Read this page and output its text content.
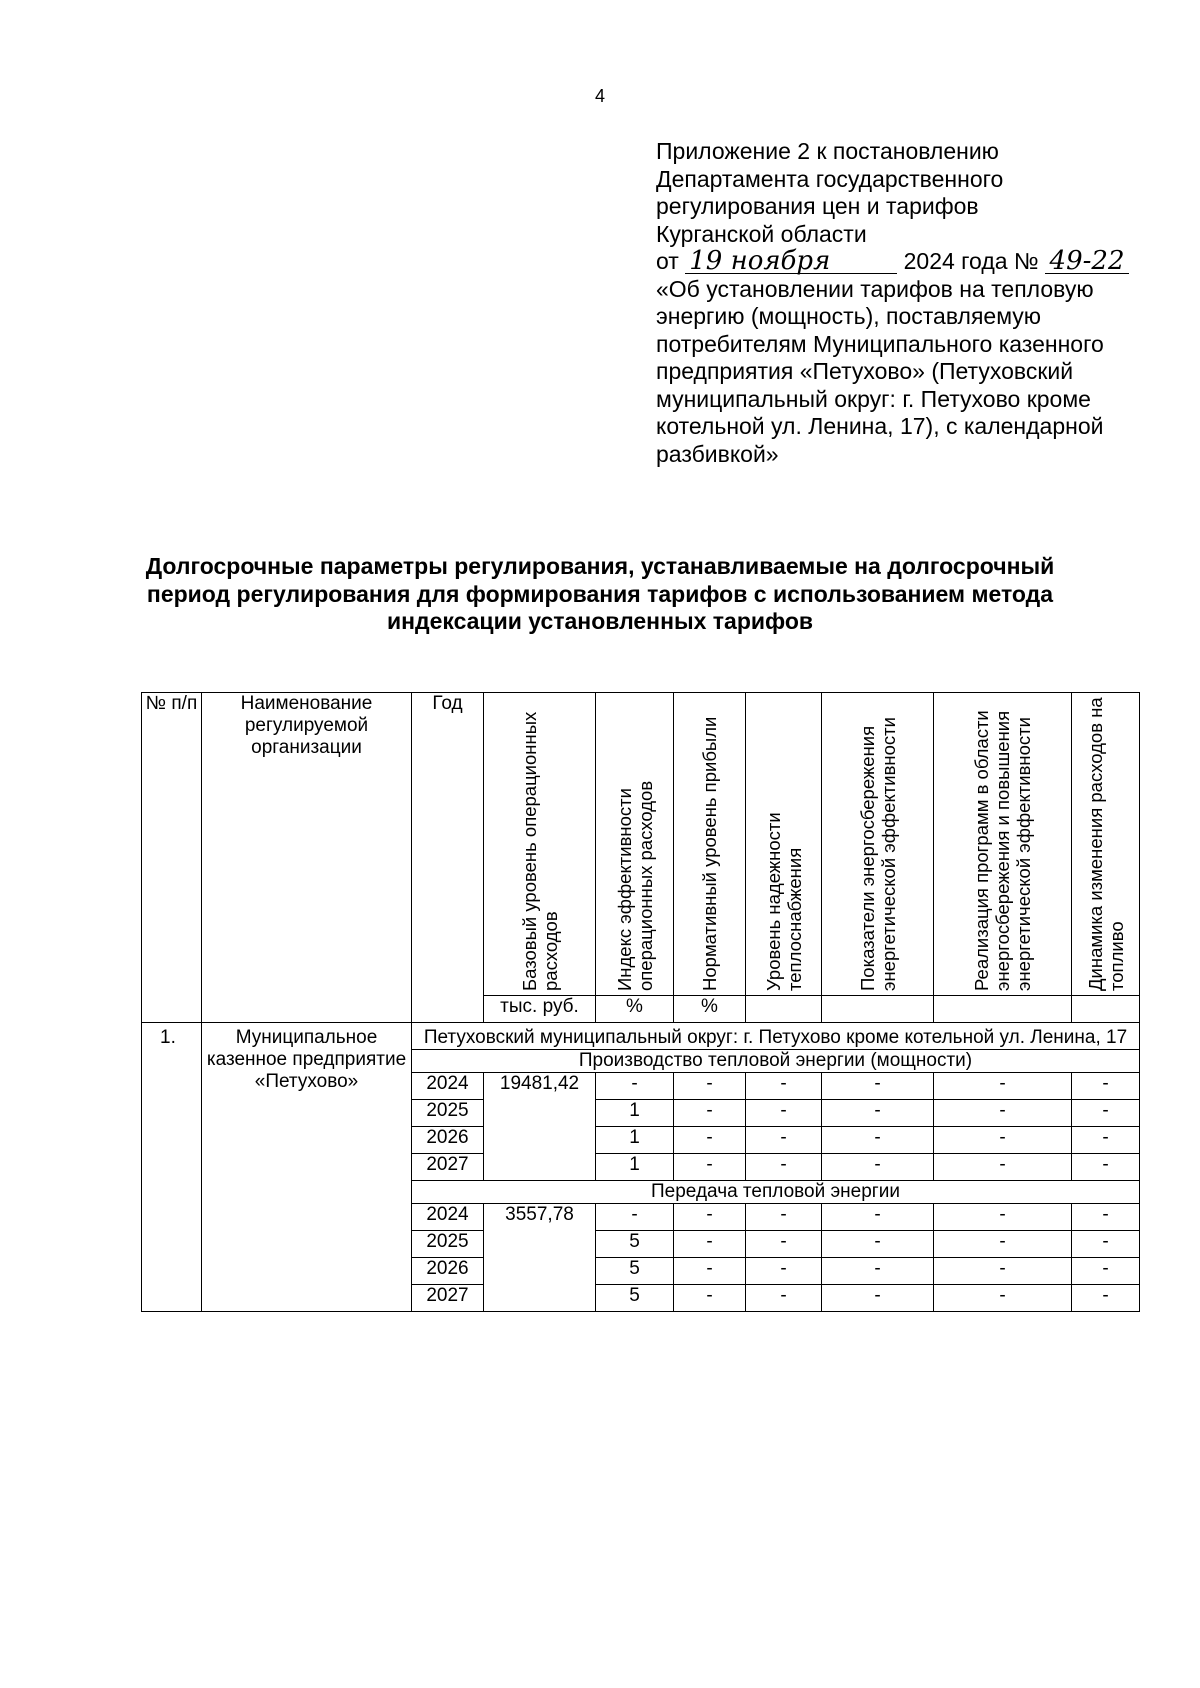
4
Приложение 2 к постановлению
Департамента государственного
регулирования цен и тарифов
Курганской области
от 19 ноября	2024 года № 49-22
«Об установлении тарифов на тепловую
энергию (мощность), поставляемую
потребителям Муниципального казенного
предприятия «Петухово» (Петуховский
муниципальный округ: г. Петухово кроме
котельной ул. Ленина, 17), с календарной
разбивкой»
Долгосрочные параметры регулирования, устанавливаемые на долгосрочный
период регулирования для формирования тарифов с использованием метода
индексации установленных тарифов
№ п/п	Наименование регулируемой организации	Год	Базовый уровень операционных расходов	Индекс эффективности операционных расходов	Нормативный уровень прибыли	Уровень надежности теплоснабжения	Показатели энергосбережения энергетической эффективности	Реализация программ в области энергосбережения и повышения энергетической эффективности	Динамика изменения расходов на топливо

			тыс. руб.	%	%				
1.	Муниципальное казенное предприятие «Петухово»	Петуховский муниципальный округ: г. Петухово кроме котельной ул. Ленина, 17							
		Производство тепловой энергии (мощности)							
		2024	19481,42	-	-	-	-	-	-
		2025		1	-	-	-	-	-
		2026		1	-	-	-	-	-
		2027		1	-	-	-	-	-
		Передача тепловой энергии							
		2024	3557,78	-	-	-	-	-	-
		2025		5	-	-	-	-	-
		2026		5	-	-	-	-	-
		2027		5	-	-	-	-	-
